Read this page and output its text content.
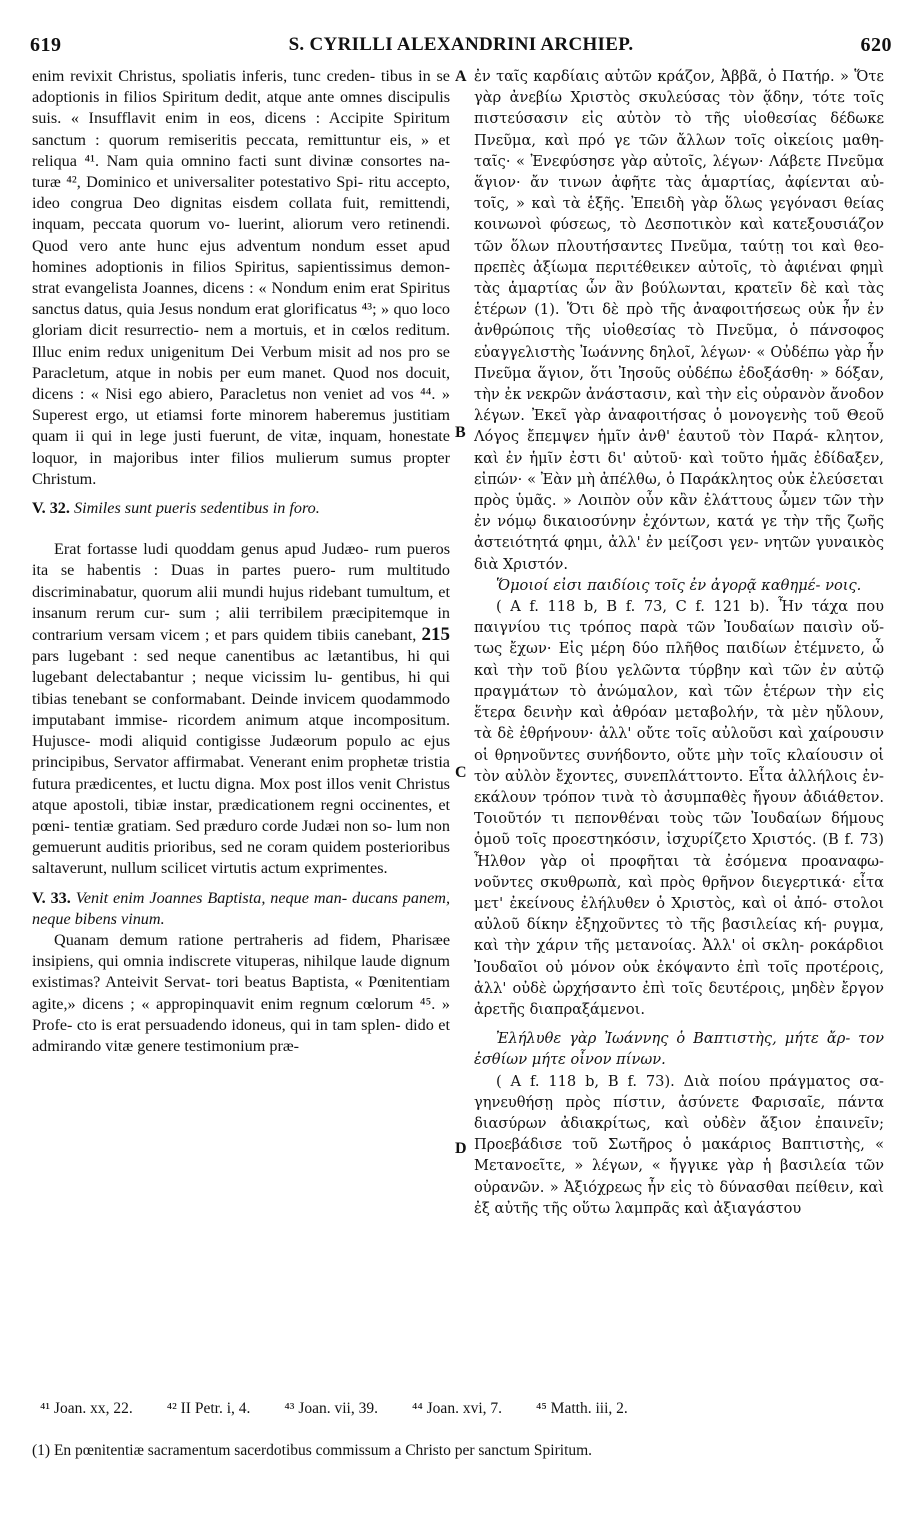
619	S. CYRILLI ALEXANDRINI ARCHIEP.	620

enim revixit Christus, spoliatis inferis, tunc creden- tibus in se adoptionis in filios Spiritum dedit, atque ante omnes discipulis suis. « Insufflavit enim in eos, dicens : Accipite Spiritum sanctum : quorum remiseritis peccata, remittuntur eis, » et reliqua ⁴¹. Nam quia omnino facti sunt divinæ consortes na- turæ ⁴², Dominico et universaliter potestativo Spi- ritu accepto, ideo congrua Deo dignitas eisdem collata fuit, remittendi, inquam, peccata quorum vo- luerint, aliorum vero retinendi. Quod vero ante hunc ejus adventum nondum esset apud homines adoptionis in filios Spiritus, sapientissimus demon- strat evangelista Joannes, dicens : « Nondum enim erat Spiritus sanctus datus, quia Jesus nondum erat glorificatus ⁴³; » quo loco gloriam dicit resurrectio- nem a mortuis, et in cœlos reditum. Illuc enim redux unigenitum Dei Verbum misit ad nos pro se Paracletum, atque in nobis per eum manet. Quod nos docuit, dicens : « Nisi ego abiero, Paracletus non veniet ad vos ⁴⁴. » Superest ergo, ut etiamsi forte minorem haberemus justitiam quam ii qui in lege justi fuerunt, de vitæ, inquam, honestate loquor, in majoribus inter filios mulierum sumus propter Christum.

V. 32. Similes sunt pueris sedentibus in foro.

Erat fortasse ludi quoddam genus apud Judæo- rum pueros ita se habentis : Duas in partes puero- rum multitudo discriminabatur, quorum alii mundi hujus ridebant tumultum, et insanum rerum cur- sum ; alii terribilem præcipitemque in contrarium versam vicem ; et pars quidem tibiis canebant, 215 pars lugebant : sed neque canentibus ac lætantibus, hi qui lugebant delectabantur ; neque vicissim lu- gentibus, hi qui tibias tenebant se conformabant. Deinde invicem quodammodo imputabant immise- ricordem animum atque incompositum. Hujusce- modi aliquid contigisse Judæorum populo ac ejus principibus, Servator affirmabat. Venerant enim prophetæ tristia futura prædicentes, et luctu digna. Mox post illos venit Christus atque apostoli, tibiæ instar, prædicationem regni occinentes, et pœni- tentiæ gratiam. Sed præduro corde Judæi non so- lum non gemuerunt auditis prioribus, sed ne coram quidem posterioribus saltaverunt, nullum scilicet virtutis actum exprimentes.

V. 33. Venit enim Joannes Baptista, neque man- ducans panem, neque bibens vinum.

Quanam demum ratione pertraheris ad fidem, Pharisæe insipiens, qui omnia indiscrete vituperas, nihilque laude dignum existimas? Anteivit Servat- tori beatus Baptista, « Pœnitentiam agite,» dicens ; « appropinquavit enim regnum cœlorum ⁴⁵. » Profe- cto is erat persuadendo idoneus, qui in tam splen- dido et admirando vitæ genere testimonium præ-

A
B
C
D

ἐν ταῖς καρδίαις αὐτῶν κράζον, Ἀββᾶ, ὁ Πατήρ. » Ὅτε γὰρ ἀνεβίω Χριστὸς σκυλεύσας τὸν ᾅδην, τότε τοῖς πιστεύσασιν εἰς αὐτὸν τὸ τῆς υἱοθεσίας δέδωκε Πνεῦμα, καὶ πρό γε τῶν ἄλλων τοῖς οἰκείοις μαθη- ταῖς· « Ἐνεφύσησε γὰρ αὐτοῖς, λέγων· Λάβετε Πνεῦμα ἅγιον· ἄν τινων ἀφῆτε τὰς ἁμαρτίας, ἀφίενται αὐ- τοῖς, » καὶ τὰ ἑξῆς. Ἐπειδὴ γὰρ ὅλως γεγόνασι θείας κοινωνοὶ φύσεως, τὸ Δεσποτικὸν καὶ κατεξουσιάζον τῶν ὅλων πλουτήσαντες Πνεῦμα, ταύτῃ τοι καὶ θεο- πρεπὲς ἀξίωμα περιτέθεικεν αὐτοῖς, τὸ ἀφιέναι φημὶ τὰς ἁμαρτίας ὧν ἂν βούλωνται, κρατεῖν δὲ καὶ τὰς ἑτέρων (1). Ὅτι δὲ πρὸ τῆς ἀναφοιτήσεως οὐκ ἦν ἐν ἀνθρώποις τῆς υἱοθεσίας τὸ Πνεῦμα, ὁ πάνσοφος εὐαγγελιστὴς Ἰωάννης δηλοῖ, λέγων· « Οὐδέπω γὰρ ἦν Πνεῦμα ἅγιον, ὅτι Ἰησοῦς οὐδέπω ἐδοξάσθη· » δόξαν, τὴν ἐκ νεκρῶν ἀνάστασιν, καὶ τὴν εἰς οὐρανὸν ἄνοδον λέγων. Ἐκεῖ γὰρ ἀναφοιτήσας ὁ μονογενὴς τοῦ Θεοῦ Λόγος ἔπεμψεν ἡμῖν ἀνθ' ἑαυτοῦ τὸν Παρά- κλητον, καὶ ἐν ἡμῖν ἐστι δι' αὐτοῦ· καὶ τοῦτο ἡμᾶς ἐδίδαξεν, εἰπών· « Ἐὰν μὴ ἀπέλθω, ὁ Παράκλητος οὐκ ἐλεύσεται πρὸς ὑμᾶς. » Λοιπὸν οὖν κἂν ἐλάττους ὦμεν τῶν τὴν ἐν νόμῳ δικαιοσύνην ἐχόντων, κατά γε τὴν τῆς ζωῆς ἀστειότητά φημι, ἀλλ' ἐν μείζοσι γεν- νητῶν γυναικὸς διὰ Χριστόν.

Ὅμοιοί εἰσι παιδίοις τοῖς ἐν ἀγορᾷ καθημέ- νοις.

( A f. 118 b, B f. 73, C f. 121 b). Ἦν τάχα που παιγνίου τις τρόπος παρὰ τῶν Ἰουδαίων παισὶν οὕ- τως ἔχων· Εἰς μέρη δύο πλῆθος παιδίων ἐτέμνετο, ὧ καὶ τὴν τοῦ βίου γελῶντα τύρβην καὶ τῶν ἐν αὐτῷ πραγμάτων τὸ ἀνώμαλον, καὶ τῶν ἑτέρων τὴν εἰς ἕτερα δεινὴν καὶ ἀθρόαν μεταβολήν, τὰ μὲν ηὔλουν, τὰ δὲ ἐθρήνουν· ἀλλ' οὔτε τοῖς αὐλοῦσι καὶ χαίρουσιν οἱ θρηνοῦντες συνήδοντο, οὔτε μὴν τοῖς κλαίουσιν οἱ τὸν αὐλὸν ἔχοντες, συνεπλάττοντο. Εἶτα ἀλλήλοις ἐν- εκάλουν τρόπον τινὰ τὸ ἀσυμπαθὲς ἤγουν ἀδιάθετον. Τοιοῦτόν τι πεπονθέναι τοὺς τῶν Ἰουδαίων δήμους ὁμοῦ τοῖς προεστηκόσιν, ἰσχυρίζετο Χριστός. (B f. 73) Ἦλθον γὰρ οἱ προφῆται τὰ ἐσόμενα προαναφω- νοῦντες σκυθρωπὰ, καὶ πρὸς θρῆνον διεγερτικά· εἶτα μετ' ἐκείνους ἐλήλυθεν ὁ Χριστὸς, καὶ οἱ ἀπό- στολοι αὐλοῦ δίκην ἐξηχοῦντες τὸ τῆς βασιλείας κή- ρυγμα, καὶ τὴν χάριν τῆς μετανοίας. Ἀλλ' οἱ σκλη- ροκάρδιοι Ἰουδαῖοι οὐ μόνον οὐκ ἐκόψαντο ἐπὶ τοῖς προτέροις, ἀλλ' οὐδὲ ὠρχήσαντο ἐπὶ τοῖς δευτέροις, μηδὲν ἔργον ἀρετῆς διαπραξάμενοι.

Ἐλήλυθε γὰρ Ἰωάννης ὁ Βαπτιστὴς, μήτε ἄρ- τον ἐσθίων μήτε οἶνον πίνων.

( A f. 118 b, B f. 73). Διὰ ποίου πράγματος σα- γηνευθήσῃ πρὸς πίστιν, ἀσύνετε Φαρισαῖε, πάντα διασύρων ἀδιακρίτως, καὶ οὐδὲν ἄξιον ἐπαινεῖν; Προεβάδισε τοῦ Σωτῆρος ὁ μακάριος Βαπτιστὴς, « Μετανοεῖτε, » λέγων, « ἤγγικε γὰρ ἡ βασιλεία τῶν οὐρανῶν. » Ἀξιόχρεως ἦν εἰς τὸ δύνασθαι πείθειν, καὶ ἐξ αὐτῆς τῆς οὕτω λαμπρᾶς καὶ ἀξιαγάστου

⁴¹ Joan. xx, 22. ⁴² II Petr. i, 4. ⁴³ Joan. vii, 39. ⁴⁴ Joan. xvi, 7. ⁴⁵ Matth. iii, 2.
(1) En pœnitentiæ sacramentum sacerdotibus commissum a Christo per sanctum Spiritum.
